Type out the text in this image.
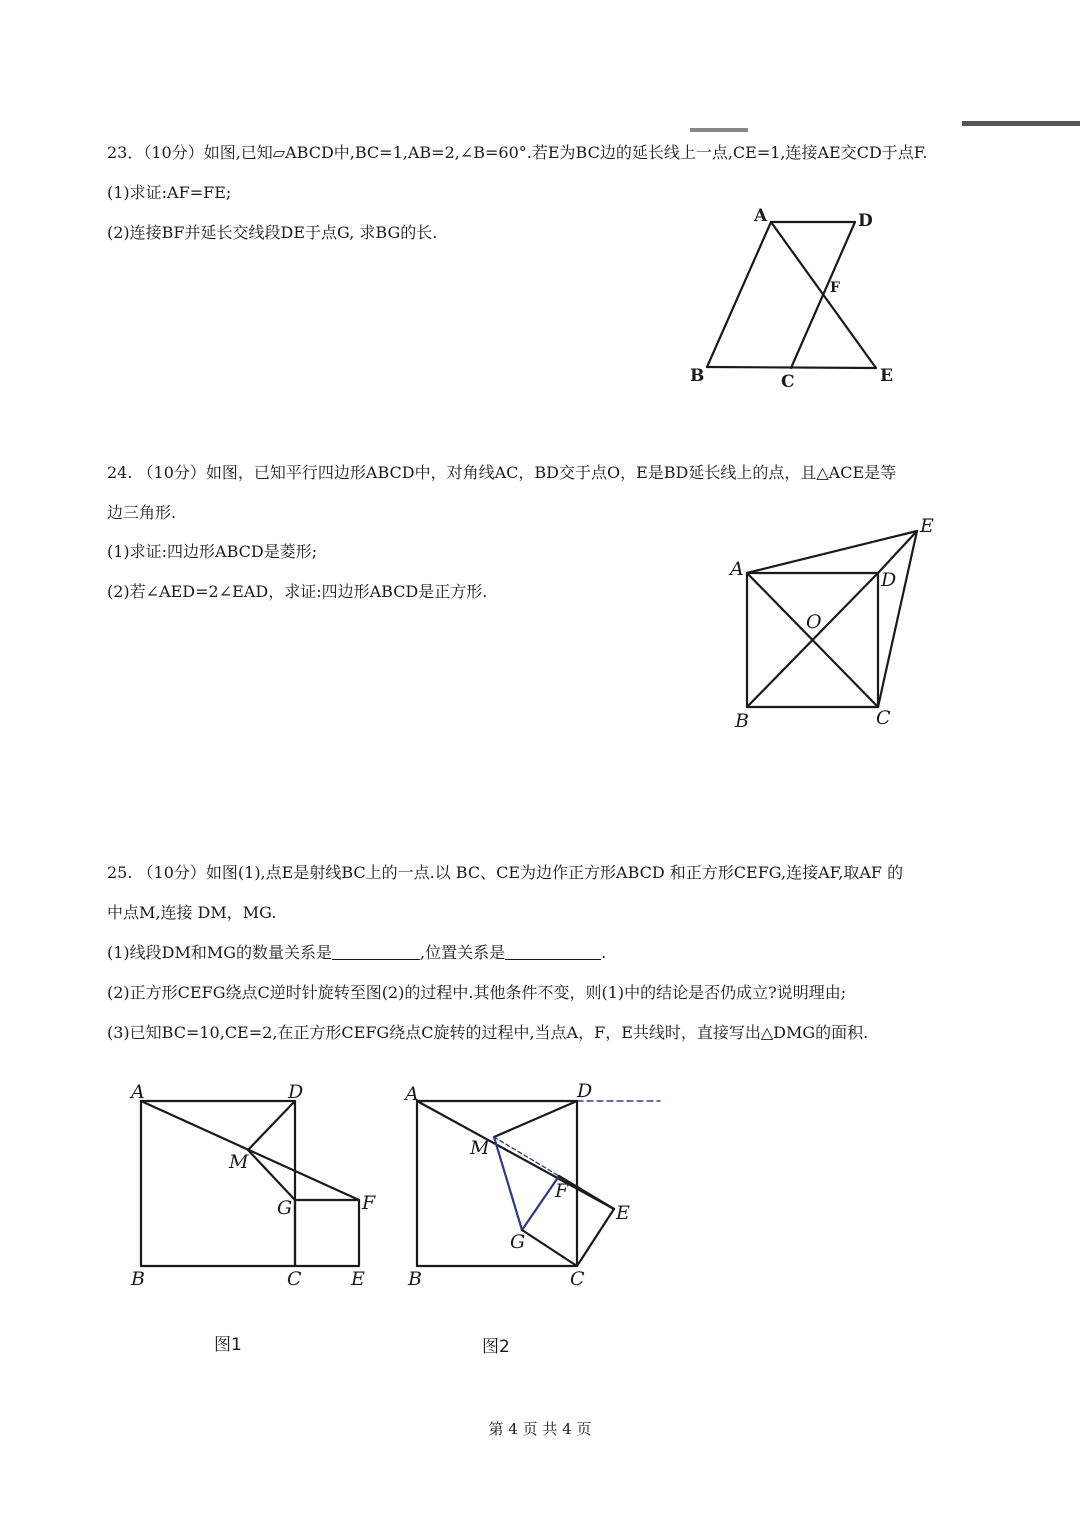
23．（10分）如图,已知▱ABCD中,BC=1,AB=2,∠B=60°.若E为BC边的延长线上一点,CE=1,连接AE交CD于点F.
(1)求证:AF=FE;
(2)连接BF并延长交线段DE于点G, 求BG的长.
A	D
F
B	C	E
24. （10分）如图，已知平行四边形ABCD中，对角线AC，BD交于点O，E是BD延长线上的点，且△ACE是等
边三角形.
(1)求证:四边形ABCD是菱形;
(2)若∠AED=2∠EAD，求证:四边形ABCD是正方形.
A
E
D
O
B	C
25. （10分）如图(1),点E是射线BC上的一点.以 BC、CE为边作正方形ABCD 和正方形CEFG,连接AF,取AF 的
中点M,连接 DM，MG.
(1)线段DM和MG的数量关系是	,位置关系是	.
(2)正方形CEFG绕点C逆时针旋转至图(2)的过程中.其他条件不变，则(1)中的结论是否仍成立?说明理由;
(3)已知BC=10,CE=2,在正方形CEFG绕点C旋转的过程中,当点A，F，E共线时，直接写出△DMG的面积.
A	D
M
G	F
B	C	E
图1
A	D
M
F
E
G
B	C
图2
第 4 页 共 4 页
